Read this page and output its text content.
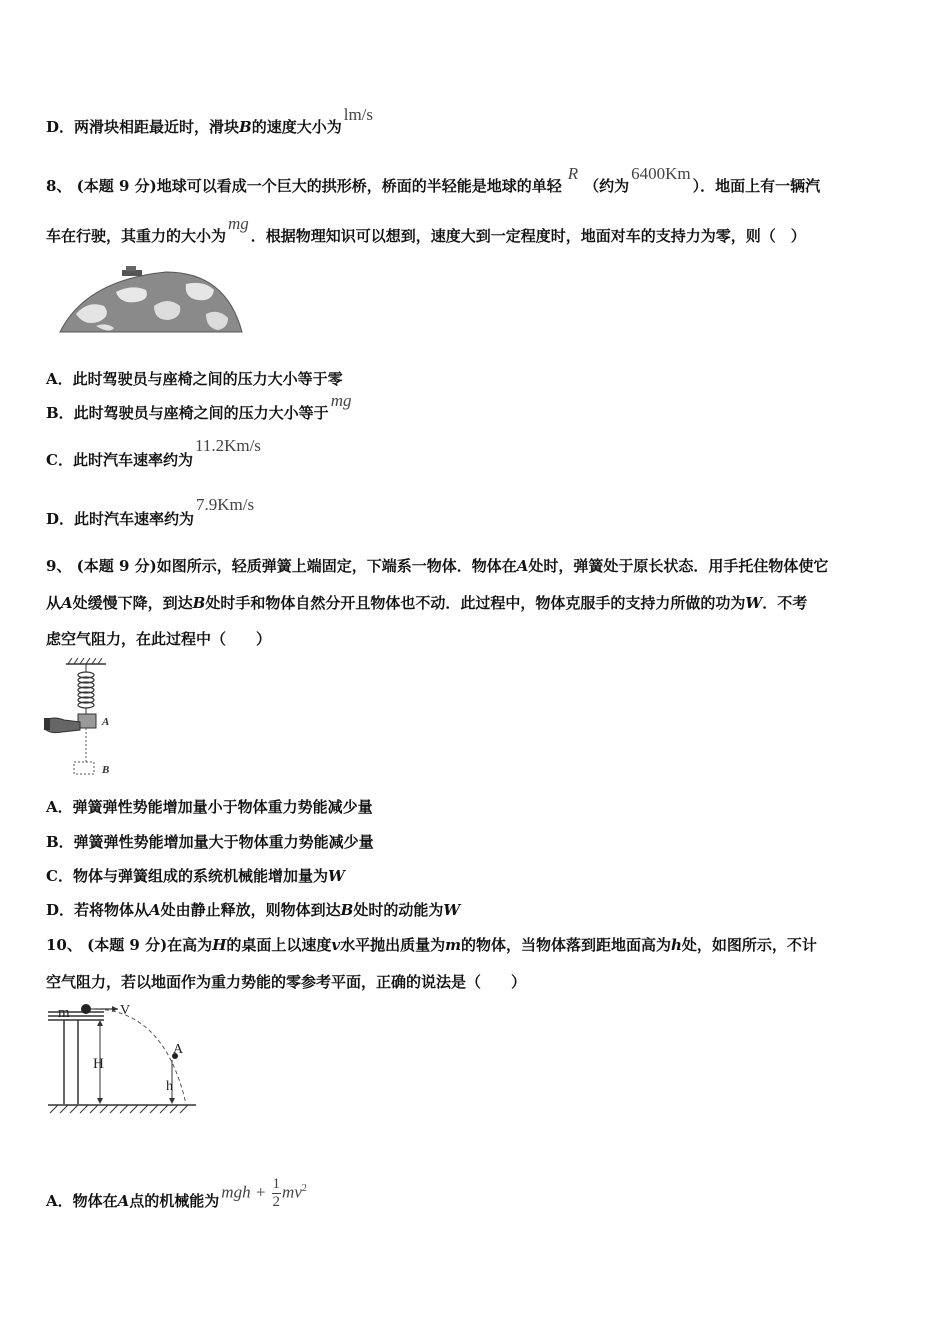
D．两滑块相距最近时，滑块B的速度大小为lm/s
8、 (本题 9 分)地球可以看成一个巨大的拱形桥，桥面的半轻能是地球的单轻R（约为6400Km）．地面上有一辆汽
车在行驶，其重力的大小为mg．根据物理知识可以想到，速度大到一定程度时，地面对车的支持力为零，则（　）
A．此时驾驶员与座椅之间的压力大小等于零
B．此时驾驶员与座椅之间的压力大小等于mg
C．此时汽车速率约为11.2Km/s
D．此时汽车速率约为7.9Km/s
9、 (本题 9 分)如图所示，轻质弹簧上端固定，下端系一物体．物体在A处时，弹簧处于原长状态．用手托住物体使它
从A处缓慢下降，到达B处时手和物体自然分开且物体也不动．此过程中，物体克服手的支持力所做的功为W．不考
虑空气阻力，在此过程中（　　）
A
B
A．弹簧弹性势能增加量小于物体重力势能减少量
B．弹簧弹性势能增加量大于物体重力势能减少量
C．物体与弹簧组成的系统机械能增加量为W
D．若将物体从A处由静止释放，则物体到达B处时的动能为W
10、 (本题 9 分)在高为H的桌面上以速度v水平抛出质量为m的物体，当物体落到距地面高为h处，如图所示，不计
空气阻力，若以地面作为重力势能的零参考平面，正确的说法是（　　）
m	V
H
A
h
A．物体在 A 点的机械能为 mgh + $\frac{1}{2} mv^2$
